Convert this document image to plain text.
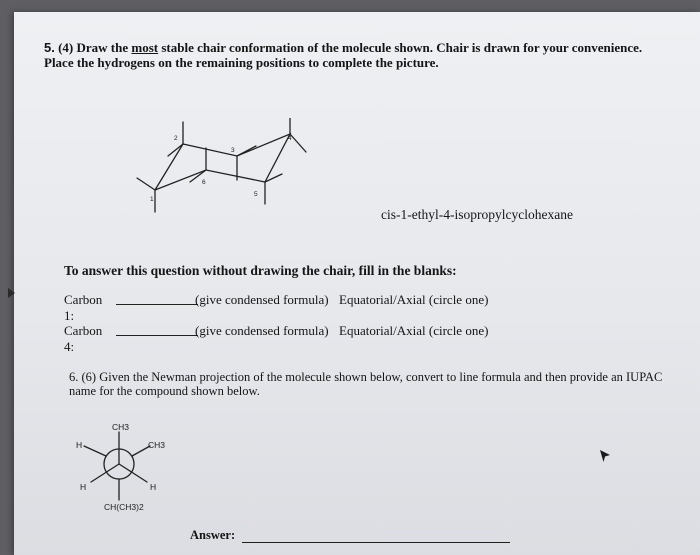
5. (4) Draw the most stable chair conformation of the molecule shown. Chair is drawn for your convenience. Place the hydrogens on the remaining positions to complete the picture.
1
2
3
4
5
6
cis-1-ethyl-4-isopropylcyclohexane
To answer this question without drawing the chair, fill in the blanks:
Carbon 1:
(give condensed formula) Equatorial/Axial (circle one)
Carbon 4:
(give condensed formula) Equatorial/Axial (circle one)
6. (6) Given the Newman projection of the molecule shown below, convert to line formula and then provide an IUPAC name for the compound shown below.
CH3
H	CH3
H	H
CH(CH3)2
Answer:
